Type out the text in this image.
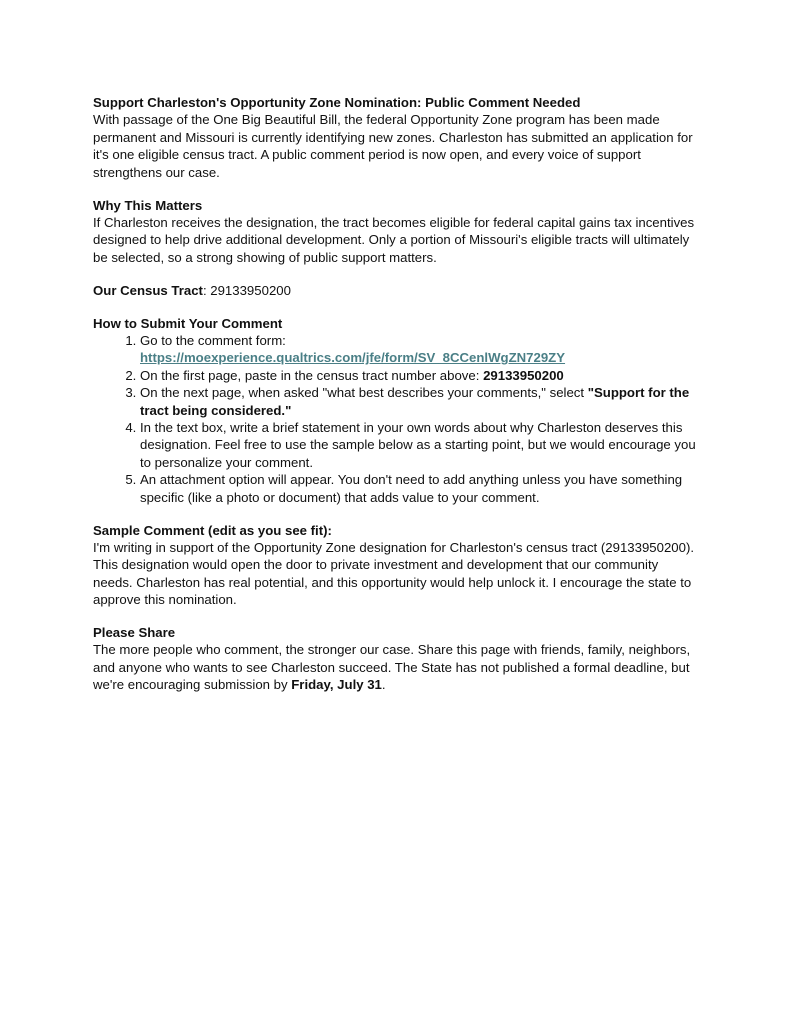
Support Charleston's Opportunity Zone Nomination: Public Comment Needed

With passage of the One Big Beautiful Bill, the federal Opportunity Zone program has been made permanent and Missouri is currently identifying new zones. Charleston has submitted an application for it's one eligible census tract. A public comment period is now open, and every voice of support strengthens our case.

Why This Matters

If Charleston receives the designation, the tract becomes eligible for federal capital gains tax incentives designed to help drive additional development. Only a portion of Missouri's eligible tracts will ultimately be selected, so a strong showing of public support matters.

Our Census Tract: 29133950200

How to Submit Your Comment

1. Go to the comment form:
https://moexperience.qualtrics.com/jfe/form/SV_8CCenlWgZN729ZY
2. On the first page, paste in the census tract number above: 29133950200
3. On the next page, when asked "what best describes your comments," select "Support for the tract being considered."
4. In the text box, write a brief statement in your own words about why Charleston deserves this designation. Feel free to use the sample below as a starting point, but we would encourage you to personalize your comment.
5. An attachment option will appear. You don't need to add anything unless you have something specific (like a photo or document) that adds value to your comment.

Sample Comment (edit as you see fit):

I'm writing in support of the Opportunity Zone designation for Charleston's census tract (29133950200). This designation would open the door to private investment and development that our community needs. Charleston has real potential, and this opportunity would help unlock it. I encourage the state to approve this nomination.

Please Share

The more people who comment, the stronger our case. Share this page with friends, family, neighbors, and anyone who wants to see Charleston succeed. The State has not published a formal deadline, but we're encouraging submission by Friday, July 31.
